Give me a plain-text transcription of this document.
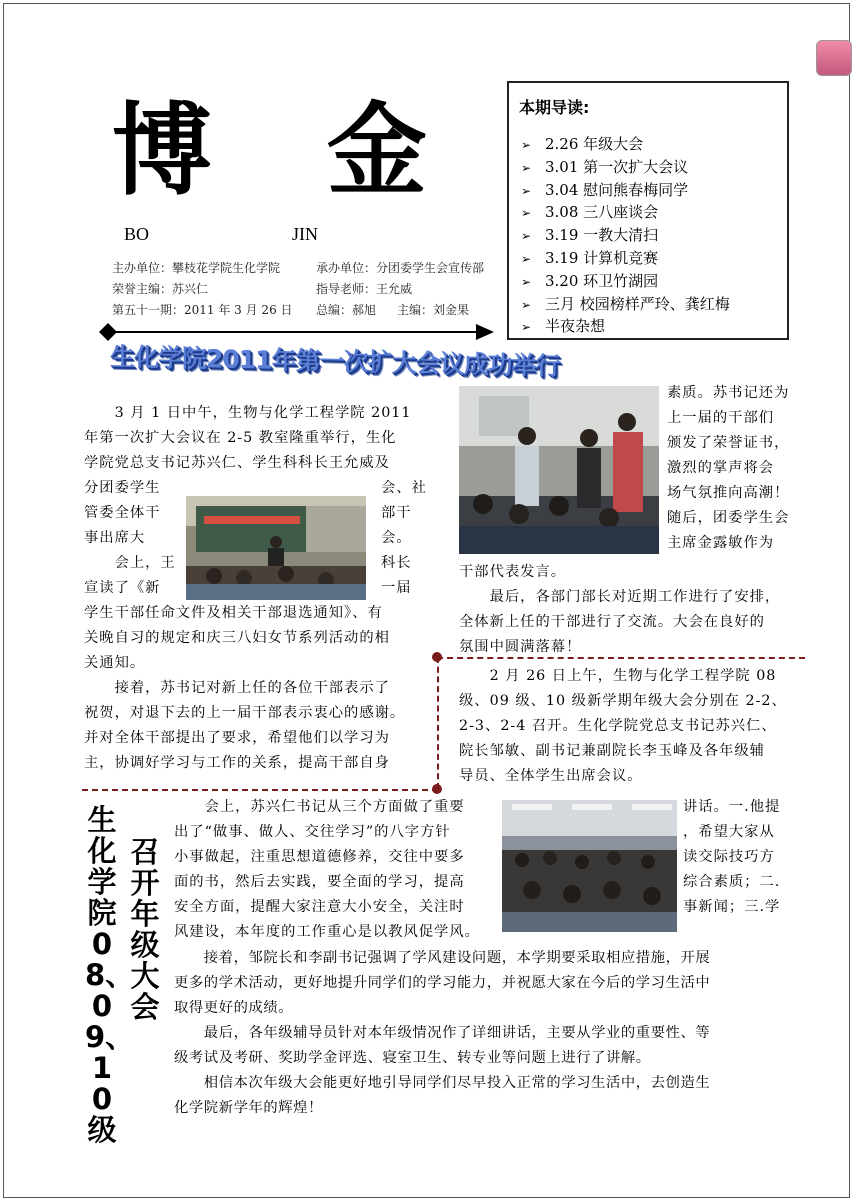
博 金
BO	JIN
主办单位：攀枝花学院生化学院	承办单位：分团委学生会宣传部
荣誉主编：苏兴仁	指导老师：王允威
第五十一期：2011 年 3 月 26 日 总编：郝旭 主编：刘金果
本期导读:
➢ 2.26 年级大会
➢ 3.01 第一次扩大会议
➢ 3.04 慰问熊春梅同学
➢ 3.08 三八座谈会
➢ 3.19 一教大清扫
➢ 3.19 计算机竞赛
➢ 3.20 环卫竹湖园
➢ 三月 校园榜样严玲、龚红梅
➢ 半夜杂想
生化学院2011年第一次扩大会议成功举行
　　3 月 1 日中午，生物与化学工程学院 2011
年第一次扩大会议在 2-5 教室隆重举行，生化
学院党总支书记苏兴仁、学生科科长王允威及
分团委学生
管委全体干
事出席大
　　会上，王
宣读了《新
学生干部任命文件及相关干部退选通知》、有
关晚自习的规定和庆三八妇女节系列活动的相
关通知。
　　接着，苏书记对新上任的各位干部表示了
祝贺，对退下去的上一届干部表示衷心的感谢。
并对全体干部提出了要求，希望他们以学习为
主，协调好学习与工作的关系，提高干部自身
会、社
部干
会。
科长
一届
素质。苏书记还为
上一届的干部们
颁发了荣誉证书，
激烈的掌声将会
场气氛推向高潮！
随后，团委学生会
主席金露敏作为
干部代表发言。
　　最后，各部门部长对近期工作进行了安排，
全体新上任的干部进行了交流。大会在良好的
氛围中圆满落幕！
　　2 月 26 日上午，生物与化学工程学院 08
级、09 级、10 级新学期年级大会分别在 2-2、
2-3、2-4 召开。生化学院党总支书记苏兴仁、
院长邹敏、副书记兼副院长李玉峰及各年级辅
导员、全体学生出席会议。
生化学院08、09、10级
召开年级大会
　　会上，苏兴仁书记从三个方面做了重要
出了“做事、做人、交往学习”的八字方针
小事做起，注重思想道德修养，交往中要多
面的书，然后去实践，要全面的学习，提高
安全方面，提醒大家注意大小安全，关注时
风建设，本年度的工作重心是以教风促学风。
讲话。一.他提
，希望大家从
读交际技巧方
综合素质；二.
事新闻；三.学
　　接着，邹院长和李副书记强调了学风建设问题，本学期要采取相应措施，开展
更多的学术活动，更好地提升同学们的学习能力，并祝愿大家在今后的学习生活中
取得更好的成绩。
　　最后，各年级辅导员针对本年级情况作了详细讲话，主要从学业的重要性、等
级考试及考研、奖助学金评选、寝室卫生、转专业等问题上进行了讲解。
　　相信本次年级大会能更好地引导同学们尽早投入正常的学习生活中，去创造生
化学院新学年的辉煌！
